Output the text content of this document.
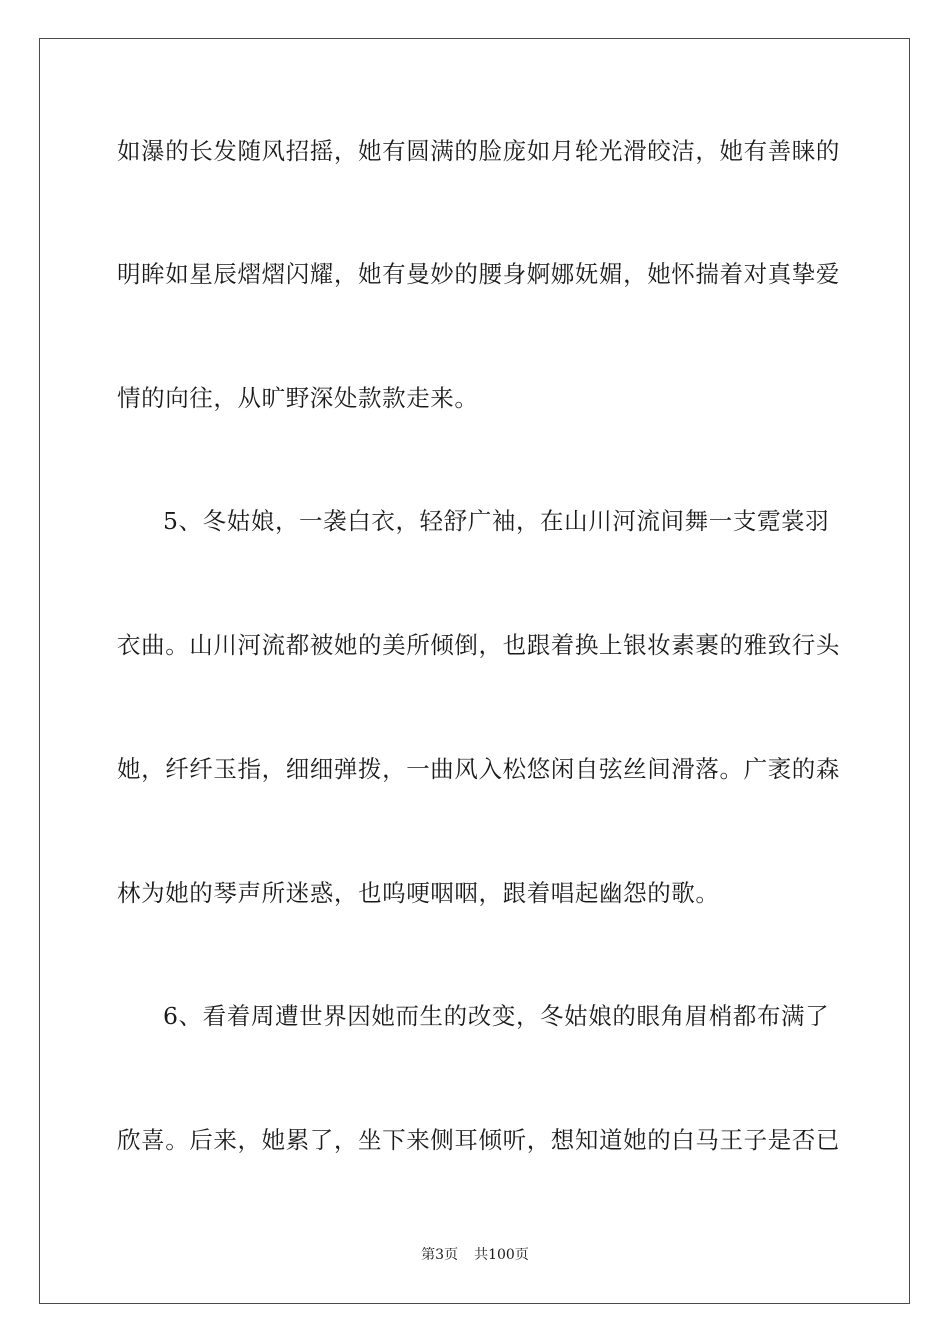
如瀑的长发随风招摇，她有圆满的脸庞如月轮光滑皎洁，她有善睐的
明眸如星辰熠熠闪耀，她有曼妙的腰身婀娜妩媚，她怀揣着对真挚爱
情的向往，从旷野深处款款走来。
5、冬姑娘，一袭白衣，轻舒广袖，在山川河流间舞一支霓裳羽
衣曲。山川河流都被她的美所倾倒，也跟着换上银妆素裹的雅致行头
她，纤纤玉指，细细弹拨，一曲风入松悠闲自弦丝间滑落。广袤的森
林为她的琴声所迷惑，也呜哽咽咽，跟着唱起幽怨的歌。
6、看着周遭世界因她而生的改变，冬姑娘的眼角眉梢都布满了
欣喜。后来，她累了，坐下来侧耳倾听，想知道她的白马王子是否已
第3页 共100页
